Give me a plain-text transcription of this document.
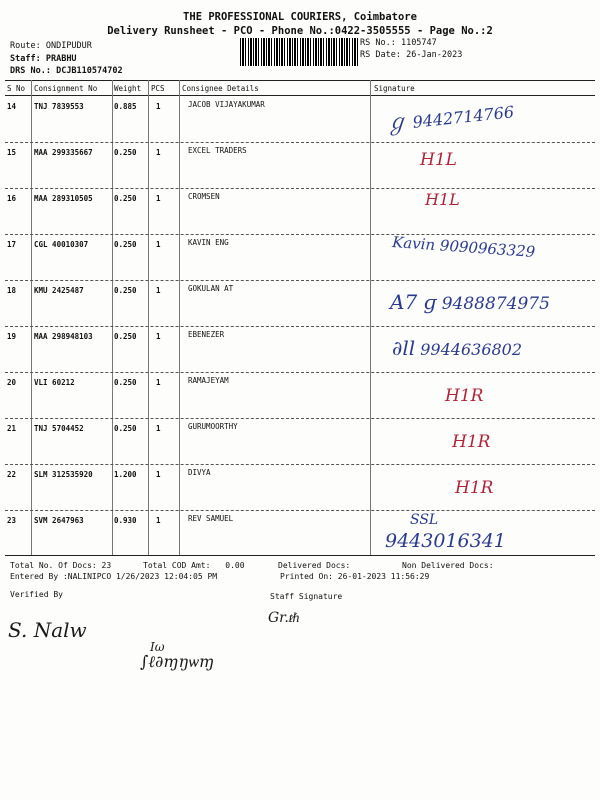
THE PROFESSIONAL COURIERS, Coimbatore
Delivery Runsheet - PCO - Phone No.:0422-3505555 - Page No.:2
Route: ONDIPUDUR
Staff: PRABHU
DRS No.: DCJB110574702
RS No.: 1105747
RS Date: 26-Jan-2023
S No Consignment No Weight PCS Consignee Details	Signature
14 TNJ 7839553	0.885	1	JACOB VIJAYAKUMAR
ℊ 9442714766
15 MAA 299335667	0.250	1	EXCEL TRADERS	H1L
16 MAA 289310505	0.250	1	CROMSEN	H1L
17 CGL 40010307	0.250	1	KAVIN ENG	Kavin 9090963329
18 KMU 2425487	0.250	1	GOKULAN AT
A7 ɡ 9488874975
19 MAA 298948103	0.250	1	EBENEZER
∂ll 9944636802
20 VLI 60212	0.250	1	RAMAJEYAM
H1R
21 TNJ 5704452	0.250	1	GURUMOORTHY
H1R
22 SLM 312535920	1.200	1	DIVYA
H1R
23 SVM 2647963	0.930	1	REV SAMUEL	SSL
9443016341
Total No. Of Docs: 23	Total COD Amt: 0.00	Delivered Docs:	Non Delivered Docs:
Entered By :NALINIPCO 1/26/2023 12:04:05 PM	Printed On: 26-01-2023 11:56:29
Verified By	Staff Signature
S. Nalw	Gr.ᵺ
Ιω
∫ℓ∂ɱŋѡɱ
